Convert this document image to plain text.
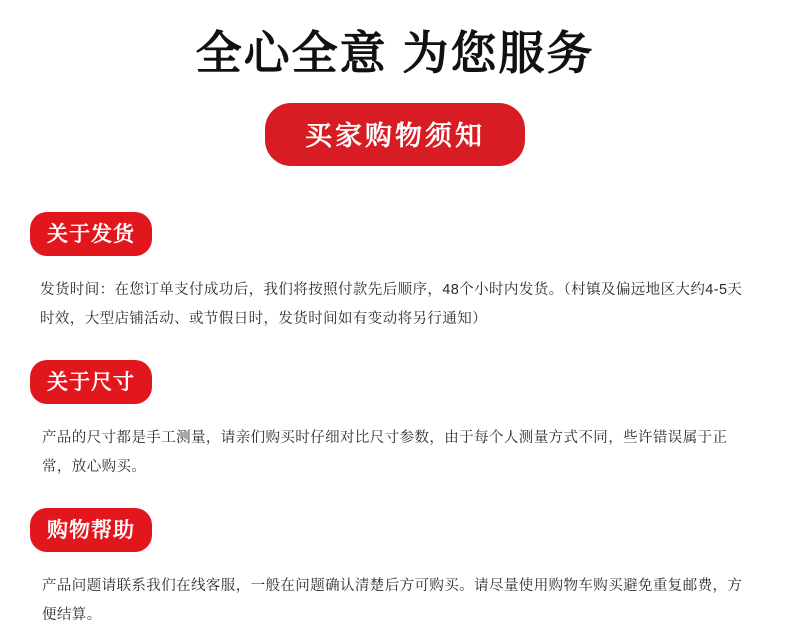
全心全意 为您服务
买家购物须知
关于发货
发货时间：在您订单支付成功后，我们将按照付款先后顺序，48个小时内发货。（村镇及偏远地区大约4-5天时效，大型店铺活动、或节假日时，发货时间如有变动将另行通知）
关于尺寸
产品的尺寸都是手工测量，请亲们购买时仔细对比尺寸参数，由于每个人测量方式不同，些许错误属于正常，放心购买。
购物帮助
产品问题请联系我们在线客服，一般在问题确认清楚后方可购买。请尽量使用购物车购买避免重复邮费，方便结算。
